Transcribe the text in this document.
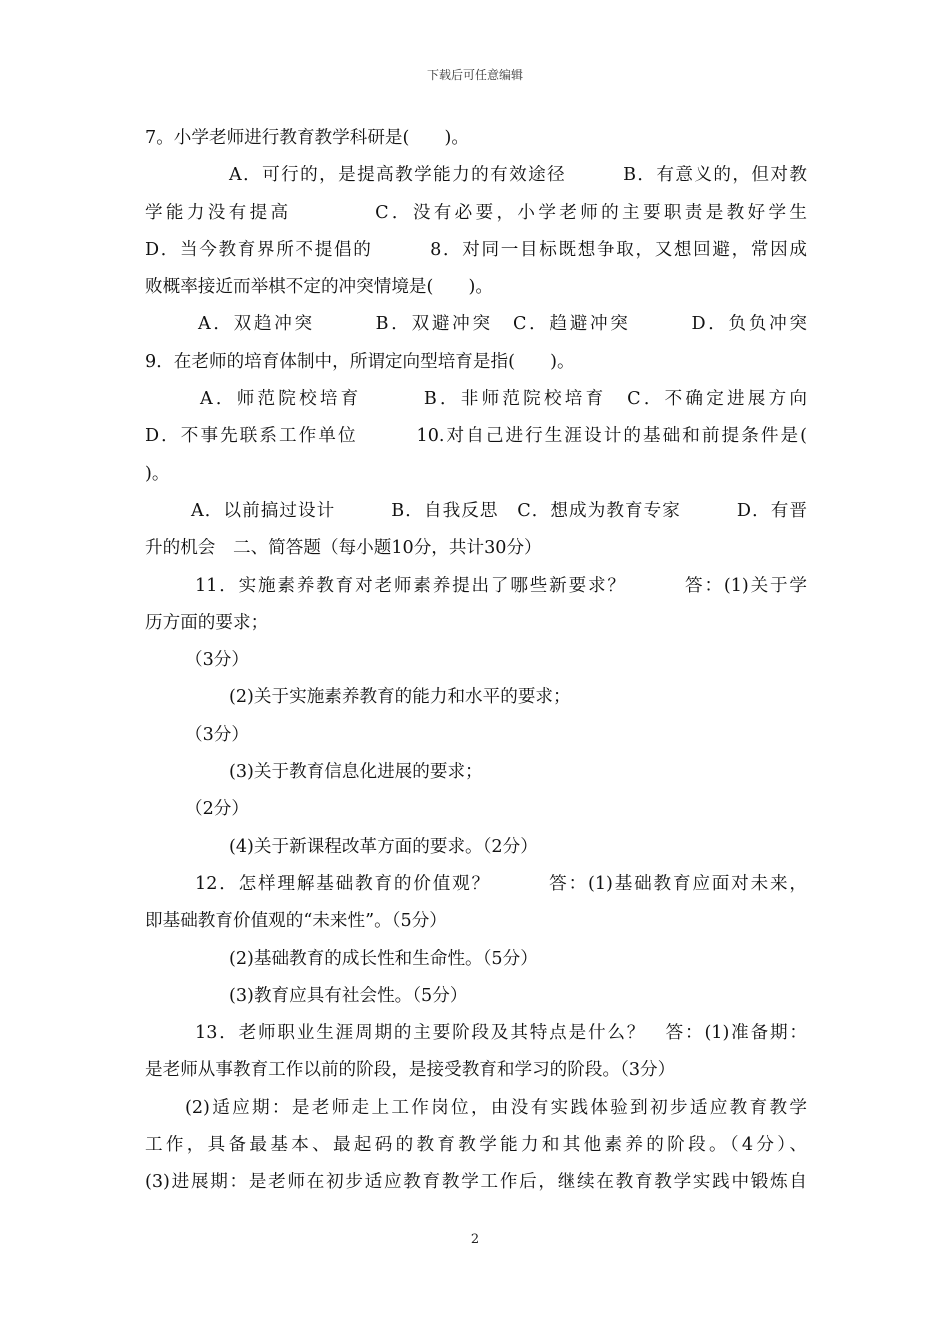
下载后可任意编辑
7。小学老师进行教育教学科研是(　　)。
A．可行的，是提高教学能力的有效途径　　　B．有意义的，但对教
学能力没有提高　　　　C．没有必要，小学老师的主要职责是教好学生
D．当今教育界所不提倡的　　　8．对同一目标既想争取，又想回避，常因成
败概率接近而举棋不定的冲突情境是(　　)。
A．双趋冲突　　　B．双避冲突　C．趋避冲突　　　D．负负冲突
9．在老师的培育体制中，所谓定向型培育是指(　　)。
A．师范院校培育　　　B．非师范院校培育　C．不确定进展方向
D．不事先联系工作单位　　　10.对自己进行生涯设计的基础和前提条件是(
)。
A．以前搞过设计　　　B．自我反思　C．想成为教育专家　　　D．有晋
升的机会　二、简答题（每小题10分，共计30分）
11．实施素养教育对老师素养提出了哪些新要求？　　　答：(1)关于学
历方面的要求；
（3分）
(2)关于实施素养教育的能力和水平的要求；
（3分）
(3)关于教育信息化进展的要求；
（2分）
(4)关于新课程改革方面的要求。（2分）
12．怎样理解基础教育的价值观？　　　答：(1)基础教育应面对未来，
即基础教育价值观的“未来性”。（5分）
(2)基础教育的成长性和生命性。（5分）
(3)教育应具有社会性。（5分）
13．老师职业生涯周期的主要阶段及其特点是什么？　答：(1)准备期：
是老师从事教育工作以前的阶段，是接受教育和学习的阶段。（3分）
(2)适应期：是老师走上工作岗位，由没有实践体验到初步适应教育教学
工作，具备最基本、最起码的教育教学能力和其他素养的阶段。（4分）、
(3)进展期：是老师在初步适应教育教学工作后，继续在教育教学实践中锻炼自
2
